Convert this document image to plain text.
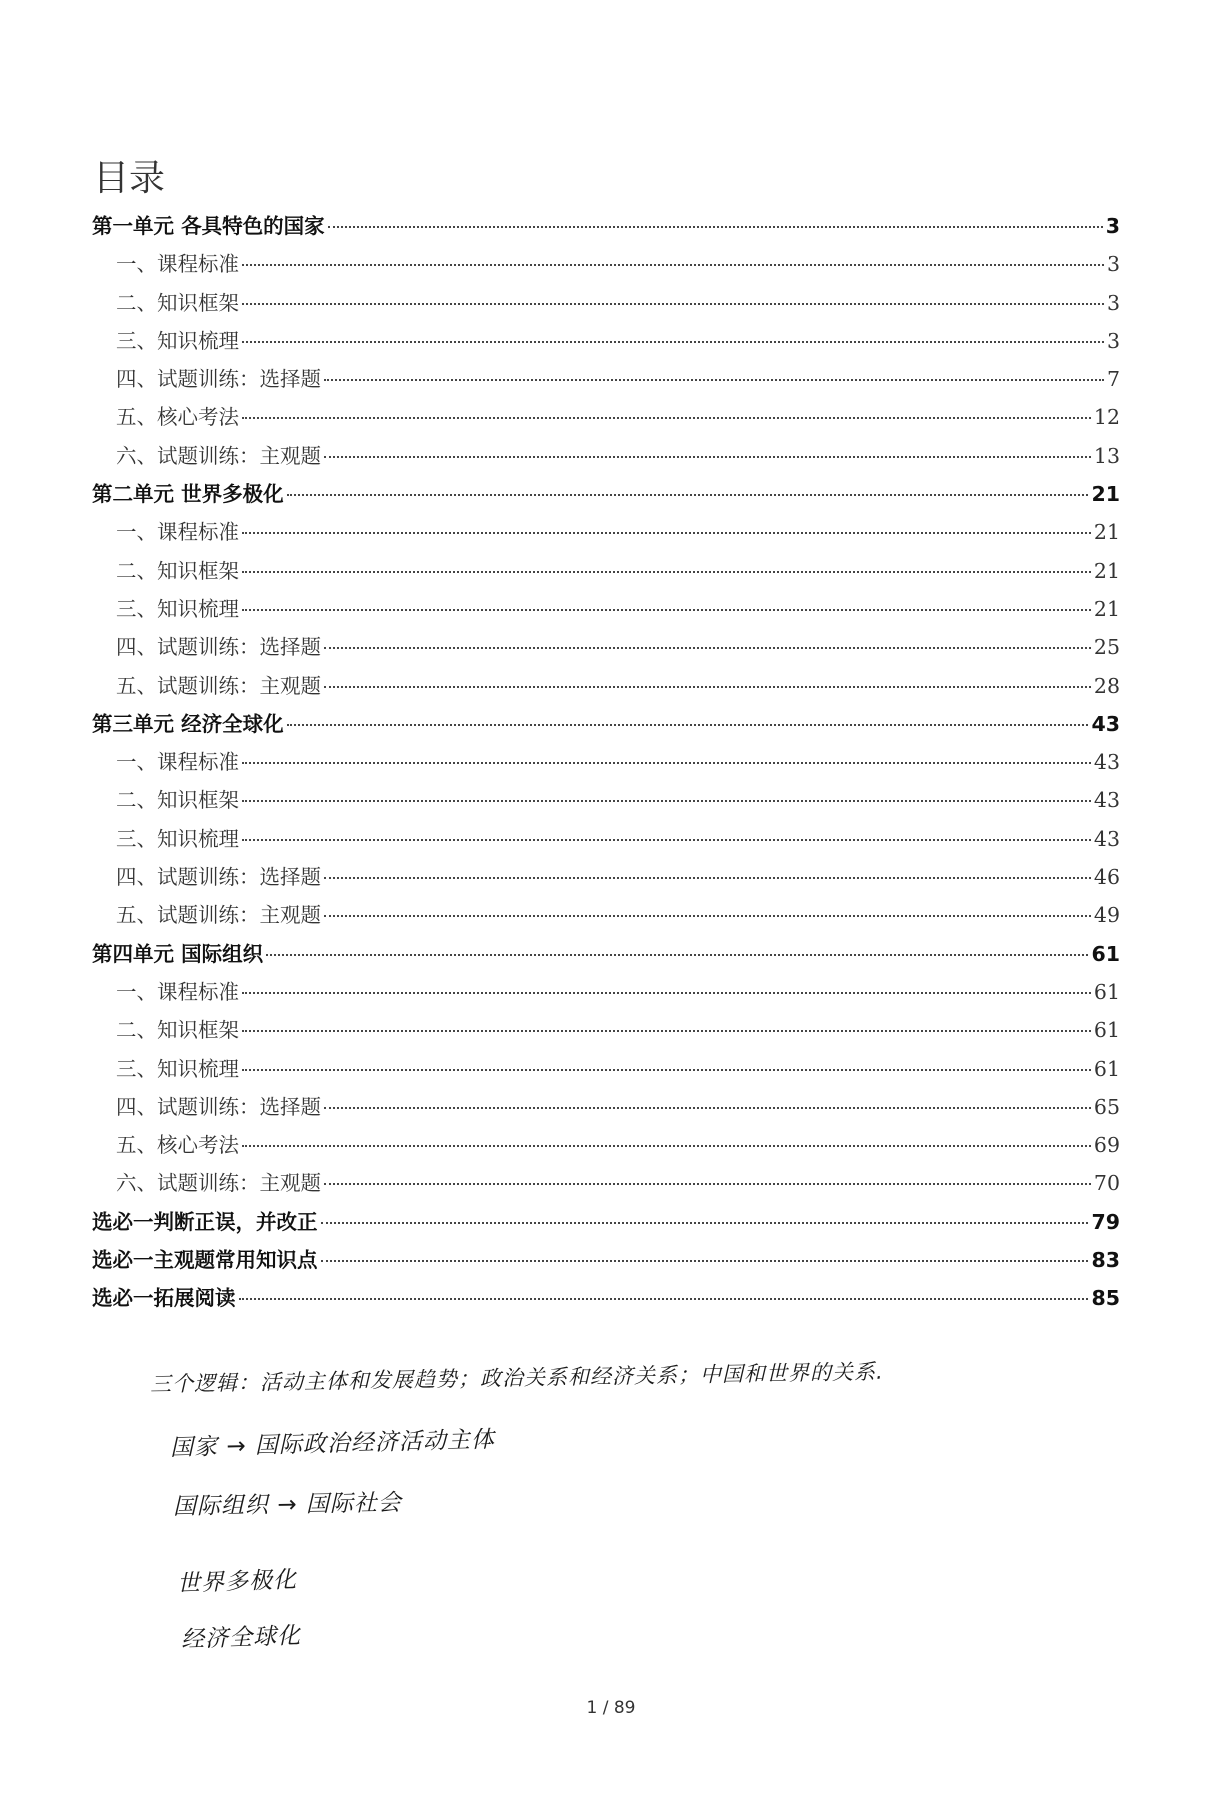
目录
第一单元 各具特色的国家	3
一、课程标准	3
二、知识框架	3
三、知识梳理	3
四、试题训练：选择题	7
五、核心考法	12
六、试题训练：主观题	13
第二单元 世界多极化	21
一、课程标准	21
二、知识框架	21
三、知识梳理	21
四、试题训练：选择题	25
五、试题训练：主观题	28
第三单元 经济全球化	43
一、课程标准	43
二、知识框架	43
三、知识梳理	43
四、试题训练：选择题	46
五、试题训练：主观题	49
第四单元 国际组织	61
一、课程标准	61
二、知识框架	61
三、知识梳理	61
四、试题训练：选择题	65
五、核心考法	69
六、试题训练：主观题	70
选必一判断正误，并改正	79
选必一主观题常用知识点	83
选必一拓展阅读	85
三个逻辑：活动主体和发展趋势；政治关系和经济关系；中国和世界的关系.
国家 → 国际政治经济活动主体
国际组织 → 国际社会
世界多极化
经济全球化
1 / 89
